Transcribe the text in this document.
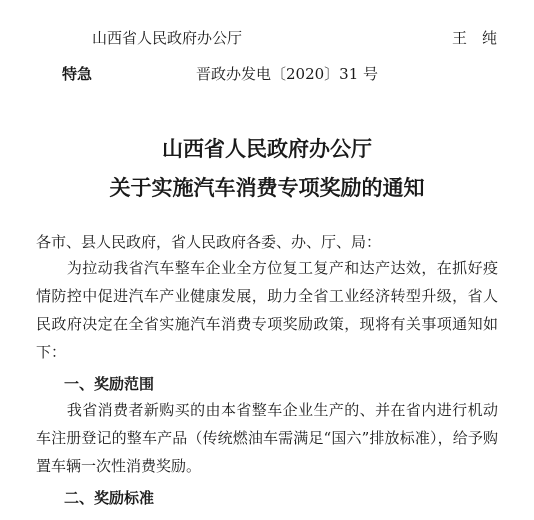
山西省人民政府办公厅	王　纯
特急	晋政办发电〔2020〕31 号
山西省人民政府办公厅
关于实施汽车消费专项奖励的通知
各市、县人民政府，省人民政府各委、办、厅、局：
　　为拉动我省汽车整车企业全方位复工复产和达产达效，在抓好疫情防控中促进汽车产业健康发展，助力全省工业经济转型升级，省人民政府决定在全省实施汽车消费专项奖励政策，现将有关事项通知如下：
一、奖励范围
　　我省消费者新购买的由本省整车企业生产的、并在省内进行机动车注册登记的整车产品（传统燃油车需满足“国六”排放标准），给予购置车辆一次性消费奖励。
二、奖励标准
